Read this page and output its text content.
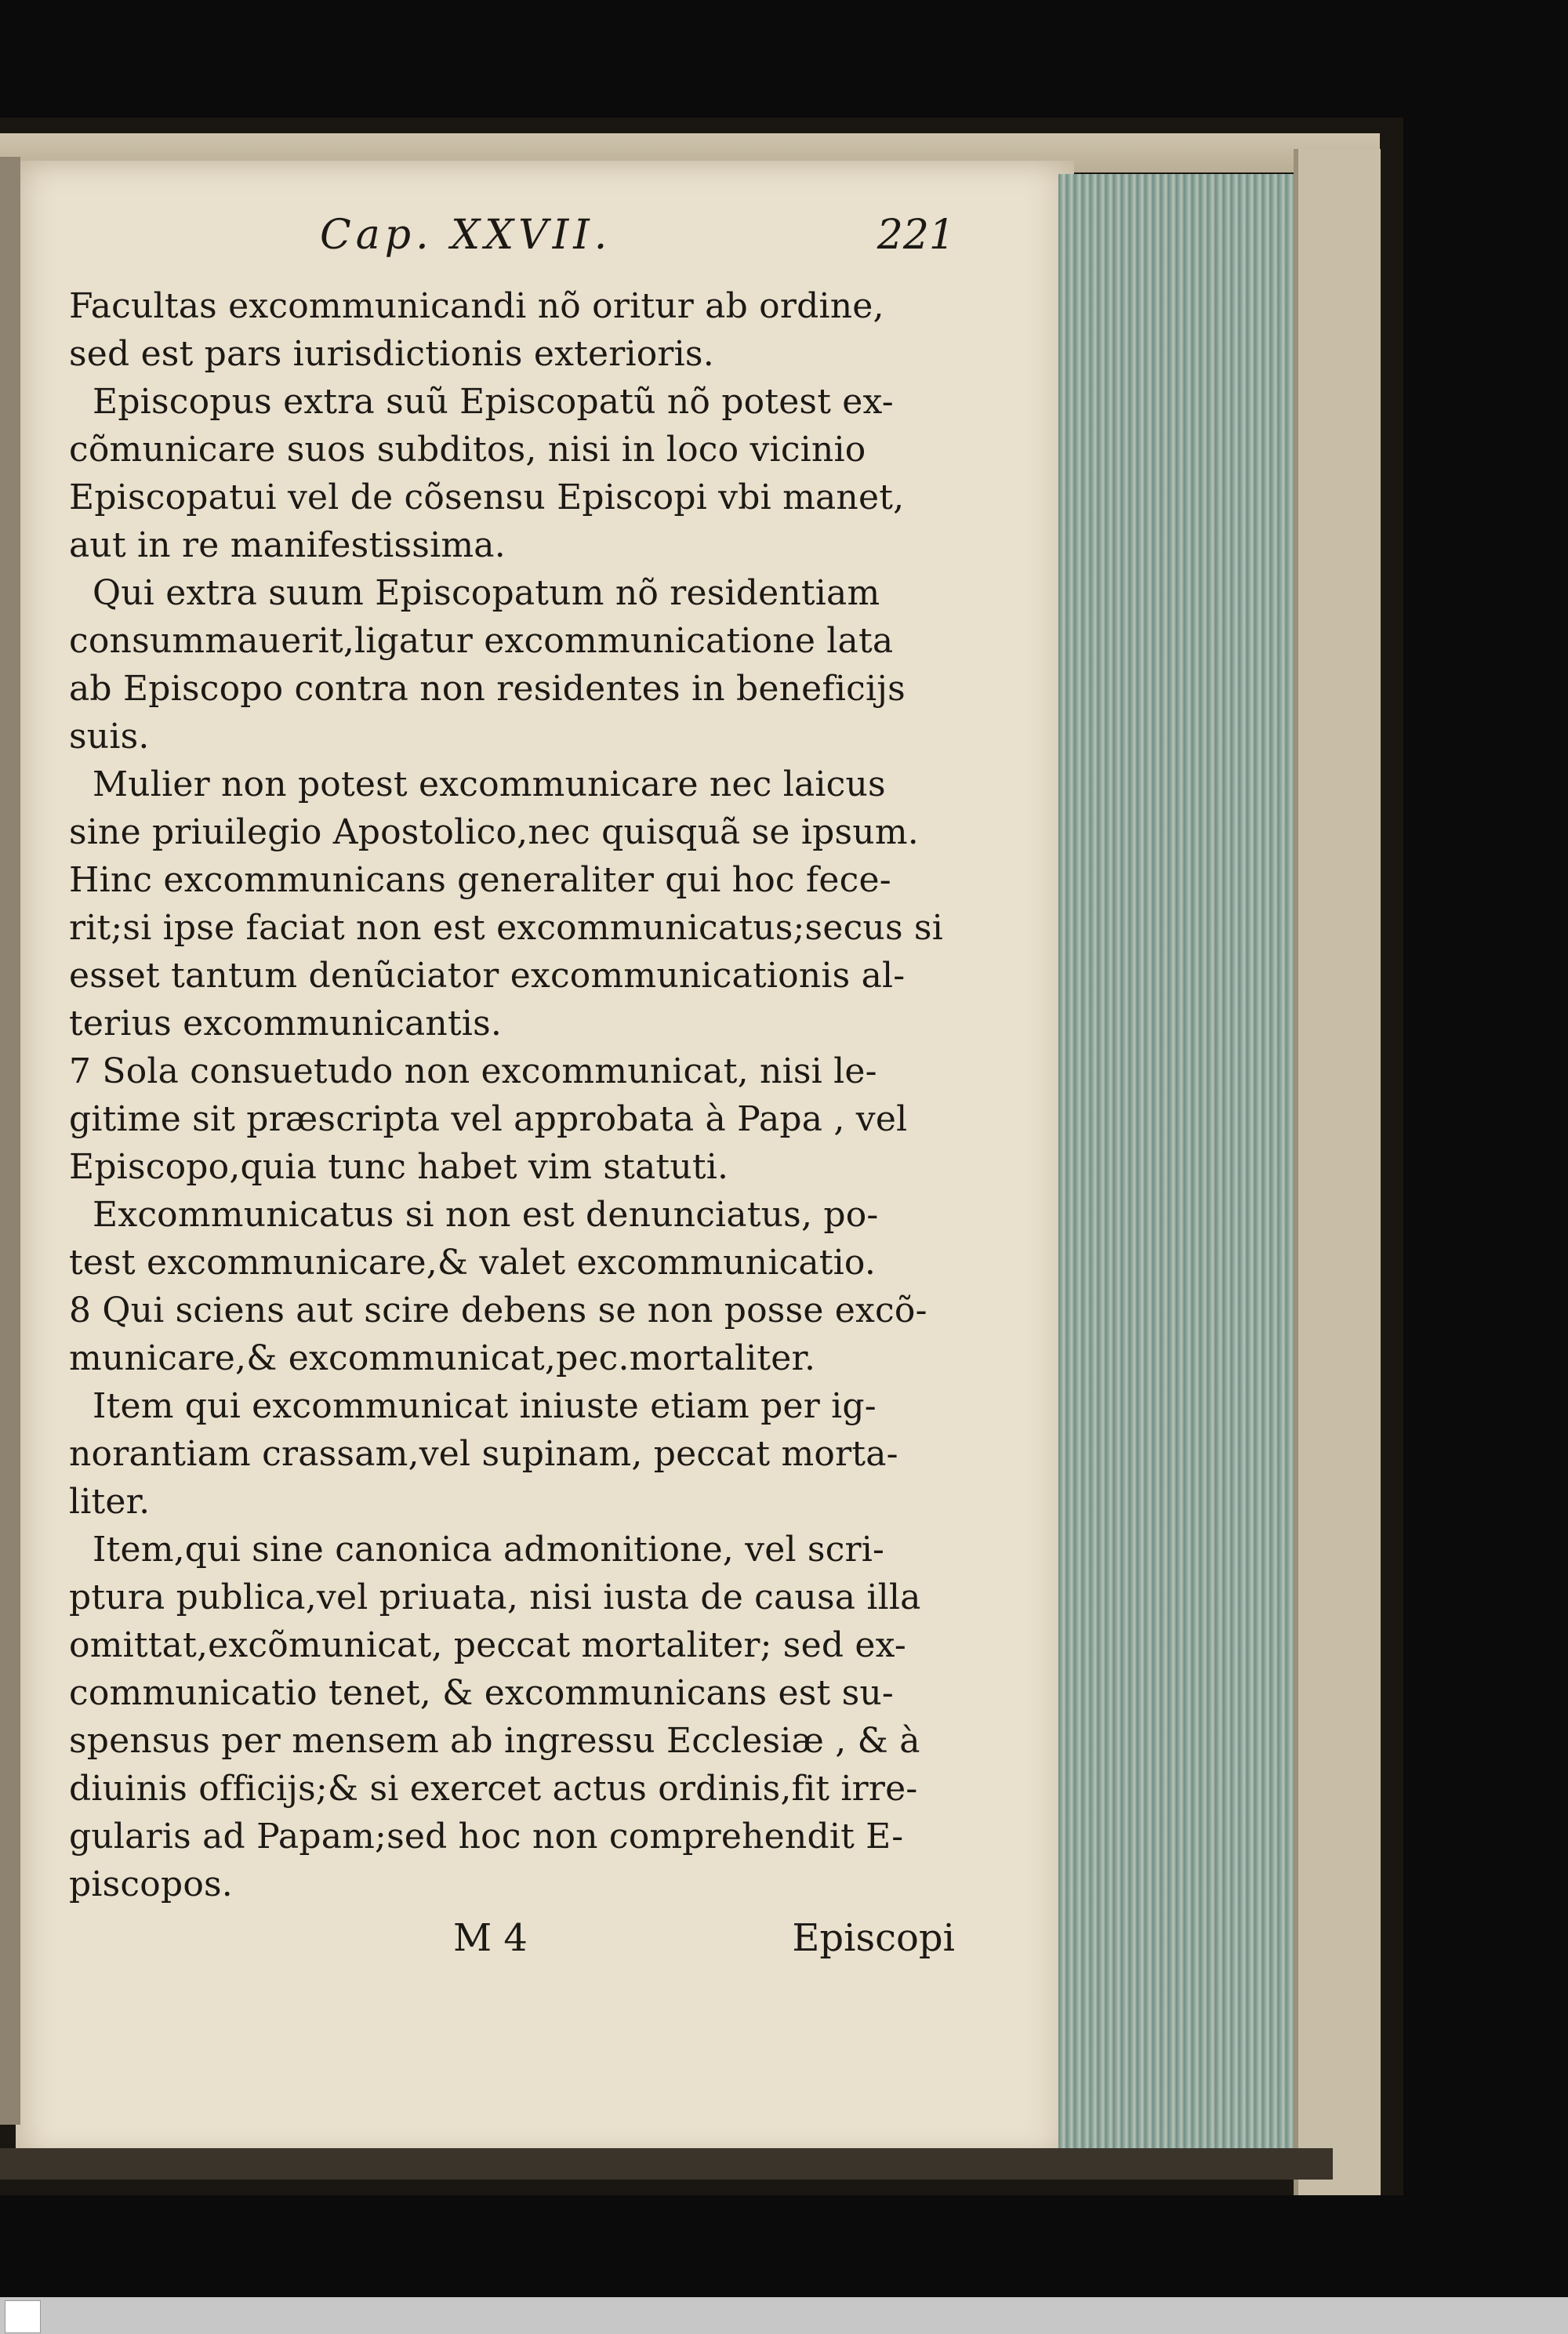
Cap. XXVII.	221
Facultas excommunicandi nõ oritur ab ordine,
sed est pars iurisdictionis exterioris.
Episcopus extra suũ Episcopatũ nõ potest ex-
cõmunicare suos subditos, nisi in loco vicinio
Episcopatui vel de cõsensu Episcopi vbi manet,
aut in re manifestissima.
Qui extra suum Episcopatum nõ residentiam
consummauerit,ligatur excommunicatione lata
ab Episcopo contra non residentes in beneficijs
suis.
Mulier non potest excommunicare nec laicus
sine priuilegio Apostolico,nec quisquã se ipsum.
Hinc excommunicans generaliter qui hoc fece-
rit;si ipse faciat non est excommunicatus;secus si
esset tantum denũciator excommunicationis al-
terius excommunicantis.
7 Sola consuetudo non excommunicat, nisi le-
gitime sit præscripta vel approbata à Papa , vel
Episcopo,quia tunc habet vim statuti.
Excommunicatus si non est denunciatus, po-
test excommunicare,& valet excommunicatio.
8 Qui sciens aut scire debens se non posse excõ-
municare,& excommunicat,pec.mortaliter.
Item qui excommunicat iniuste etiam per ig-
norantiam crassam,vel supinam, peccat morta-
liter.
Item,qui sine canonica admonitione, vel scri-
ptura publica,vel priuata, nisi iusta de causa illa
omittat,excõmunicat, peccat mortaliter; sed ex-
communicatio tenet, & excommunicans est su-
spensus per mensem ab ingressu Ecclesiæ , & à
diuinis officijs;& si exercet actus ordinis,fit irre-
gularis ad Papam;sed hoc non comprehendit E-
piscopos.
M 4	Episcopi
